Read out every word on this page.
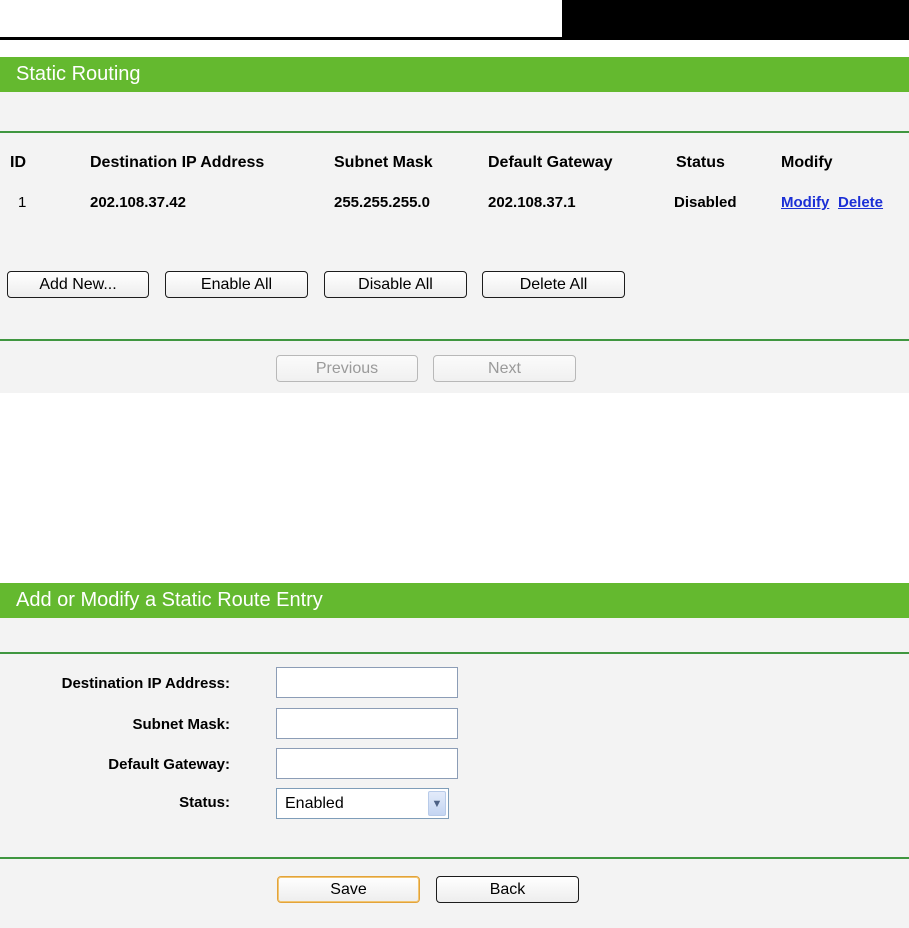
Static Routing
ID	Destination IP Address	Subnet Mask	Default Gateway	Status	Modify
1	202.108.37.42	255.255.255.0	202.108.37.1	Disabled	Modify Delete
Add New...	Enable All	Disable All	Delete All
Previous	Next
Add or Modify a Static Route Entry
Destination IP Address:
Subnet Mask:
Default Gateway:
Status:	Enabled	▼
Save	Back
